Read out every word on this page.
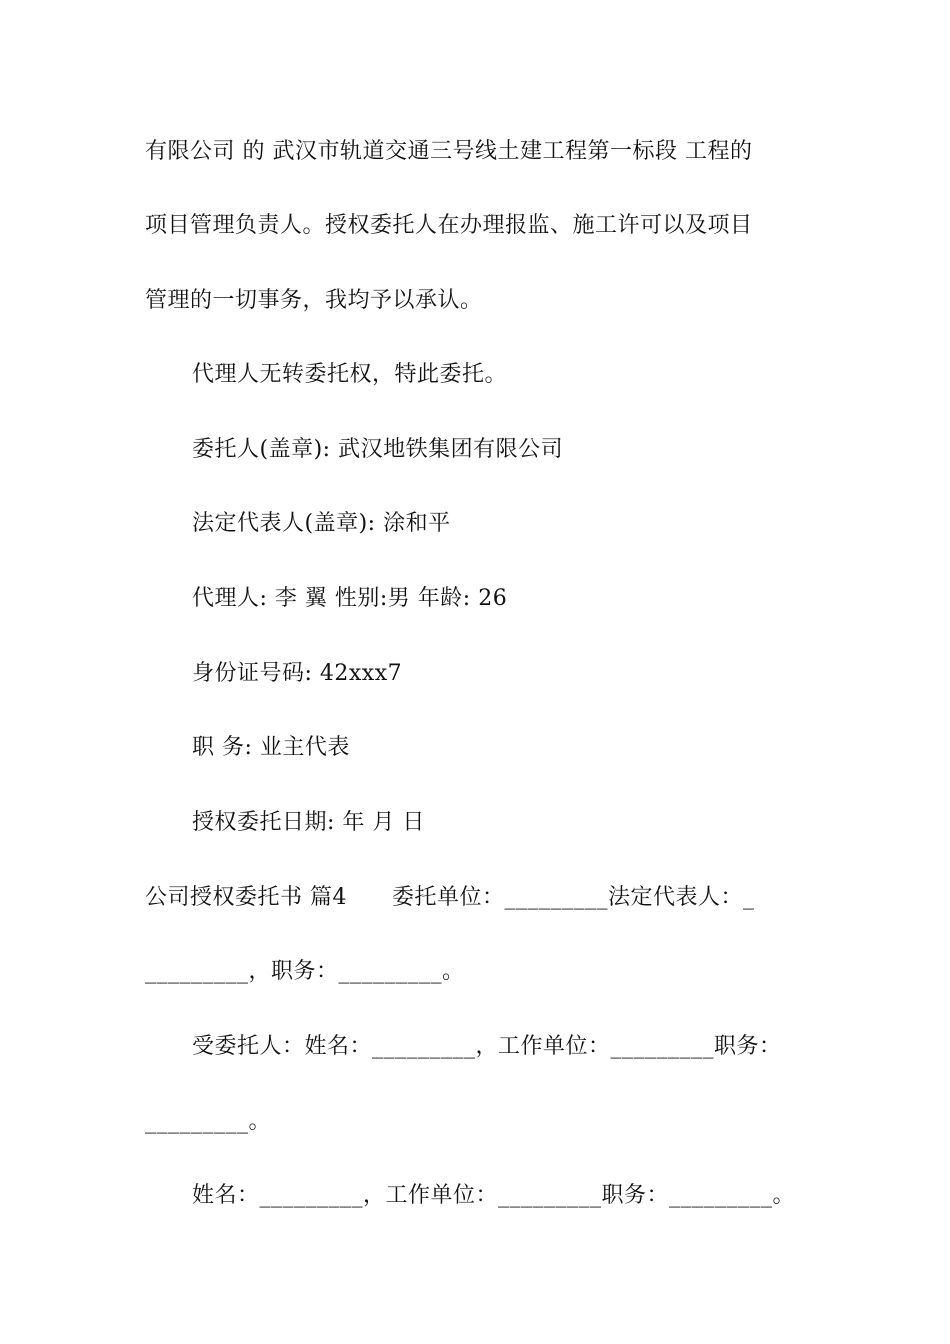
有限公司 的 武汉市轨道交通三号线土建工程第一标段 工程的
项目管理负责人。授权委托人在办理报监、施工许可以及项目
管理的一切事务，我均予以承认。
代理人无转委托权，特此委托。
委托人(盖章): 武汉地铁集团有限公司
法定代表人(盖章): 涂和平
代理人: 李 翼 性别:男 年龄: 26
身份证号码: 42xxx7
职 务: 业主代表
授权委托日期: 年 月 日
公司授权委托书 篇4      委托单位：_________法定代表人：_
_________，职务：_________。
受委托人：姓名：_________，工作单位：_________职务：
_________。
姓名：_________，工作单位：_________职务：_________。
